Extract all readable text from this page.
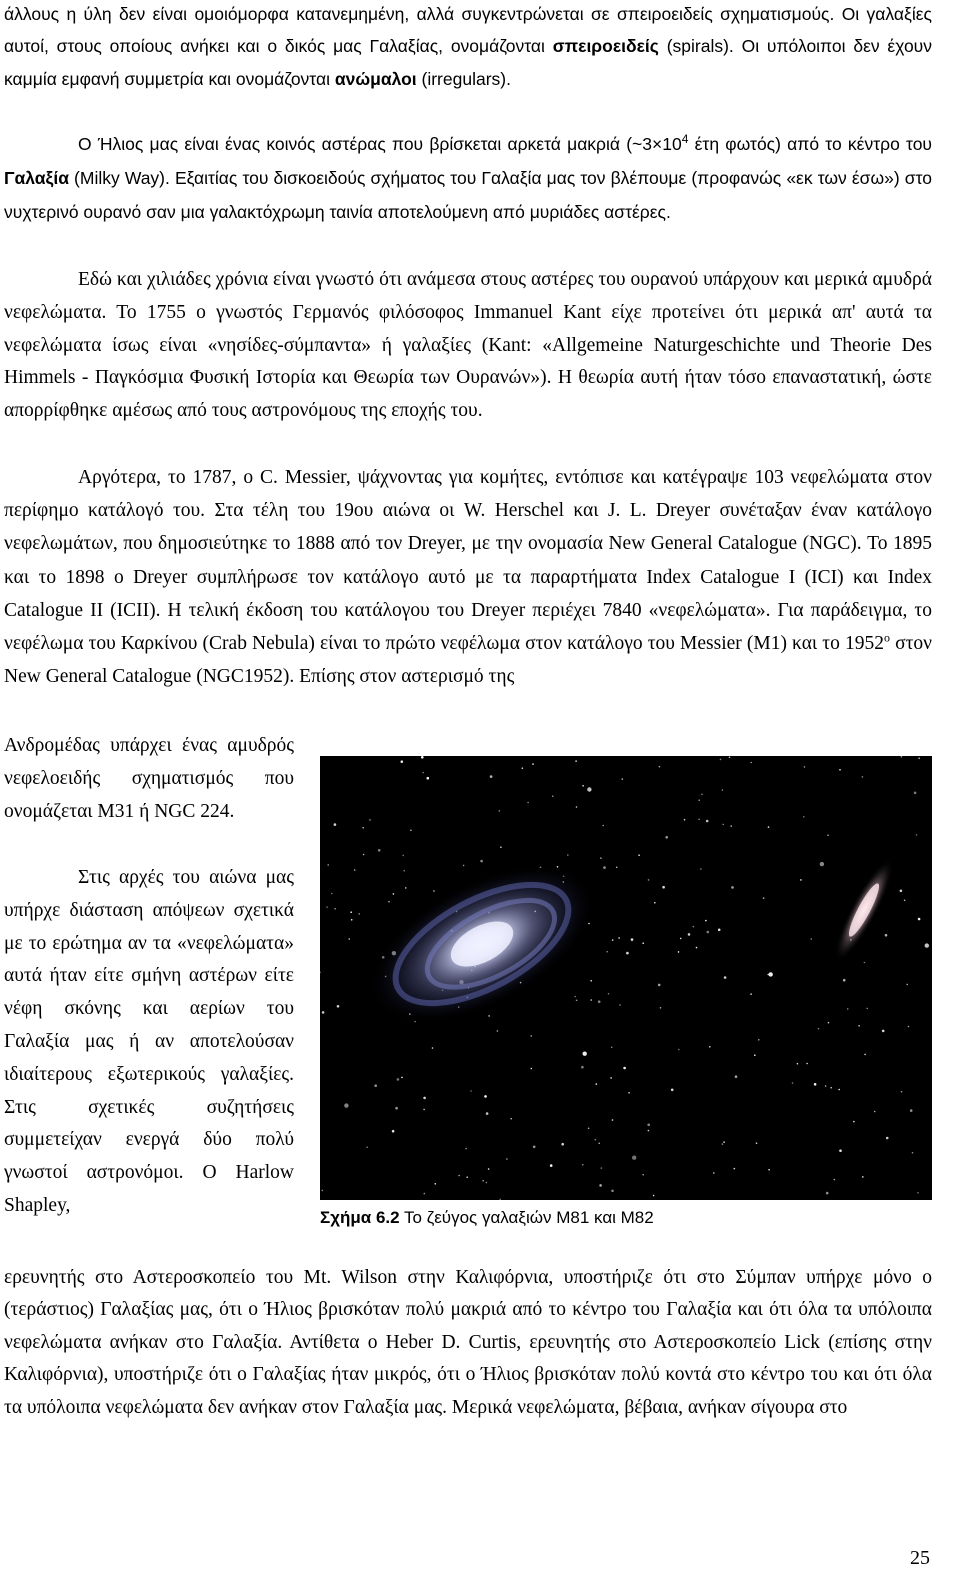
άλλους η ύλη δεν είναι ομοιόμορφα κατανεμημένη, αλλά συγκεντρώνεται σε σπειροειδείς σχηματισμούς. Οι γαλαξίες αυτοί, στους οποίους ανήκει και ο δικός μας Γαλαξίας, ονομάζονται σπειροειδείς (spirals). Οι υπόλοιποι δεν έχουν καμμία εμφανή συμμετρία και ονομάζονται ανώμαλοι (irregulars).
Ο Ήλιος μας είναι ένας κοινός αστέρας που βρίσκεται αρκετά μακριά ($\sim 3\times 10^4$ έτη φωτός) από το κέντρο του Γαλαξία (Milky Way). Εξαιτίας του δισκοειδούς σχήματος του Γαλαξία μας τον βλέπουμε (προφανώς «εκ των έσω») στο νυχτερινό ουρανό σαν μια γαλακτόχρωμη ταινία αποτελούμενη από μυριάδες αστέρες.
Εδώ και χιλιάδες χρόνια είναι γνωστό ότι ανάμεσα στους αστέρες του ουρανού υπάρχουν και μερικά αμυδρά νεφελώματα. Το 1755 ο γνωστός Γερμανός φιλόσοφος Immanuel Kant είχε προτείνει ότι μερικά απ' αυτά τα νεφελώματα ίσως είναι «νησίδες-σύμπαντα» ή γαλαξίες (Kant: «Allgemeine Naturgeschichte und Theorie Des Himmels - Παγκόσμια Φυσική Ιστορία και Θεωρία των Ουρανών»). Η θεωρία αυτή ήταν τόσο επαναστατική, ώστε απορρίφθηκε αμέσως από τους αστρονόμους της εποχής του.
Αργότερα, το 1787, ο C. Messier, ψάχνοντας για κομήτες, εντόπισε και κατέγραψε 103 νεφελώματα στον περίφημο κατάλογό του. Στα τέλη του 19ου αιώνα οι W. Herschel και J. L. Dreyer συνέταξαν έναν κατάλογο νεφελωμάτων, που δημοσιεύτηκε το 1888 από τον Dreyer, με την ονομασία New General Catalogue (NGC). Το 1895 και το 1898 ο Dreyer συμπλήρωσε τον κατάλογο αυτό με τα παραρτήματα Index Catalogue I (ICI) και Index Catalogue II (ICII). Η τελική έκδοση του κατάλογου του Dreyer περιέχει 7840 «νεφελώματα». Για παράδειγμα, το νεφέλωμα του Καρκίνου (Crab Nebula) είναι το πρώτο νεφέλωμα στον κατάλογο του Messier (M1) και το $1952^o$ στον New General Catalogue (NGC1952). Επίσης στον αστερισμό της
Ανδρομέδας υπάρχει ένας αμυδρός νεφελοειδής σχηματισμός που ονομάζεται Μ31 ή NGC 224.
Στις αρχές του αιώνα μας υπήρχε διάσταση απόψεων σχετικά με το ερώτημα αν τα «νεφελώματα» αυτά ήταν είτε σμήνη αστέρων είτε νέφη σκόνης και αερίων του Γαλαξία μας ή αν αποτελούσαν ιδιαίτερους εξωτερικούς γαλαξίες. Στις σχετικές συζητήσεις συμμετείχαν ενεργά δύο πολύ γνωστοί αστρονόμοι. Ο Harlow Shapley,
Σχήμα 6.2 Το ζεύγος γαλαξιών M81 και M82
ερευνητής στο Αστεροσκοπείο του Mt. Wilson στην Καλιφόρνια, υποστήριζε ότι στο Σύμπαν υπήρχε μόνο ο (τεράστιος) Γαλαξίας μας, ότι ο Ήλιος βρισκόταν πολύ μακριά από το κέντρο του Γαλαξία και ότι όλα τα υπόλοιπα νεφελώματα ανήκαν στο Γαλαξία. Αντίθετα ο Heber D. Curtis, ερευνητής στο Αστεροσκοπείο Lick (επίσης στην Καλιφόρνια), υποστήριζε ότι ο Γαλαξίας ήταν μικρός, ότι ο Ήλιος βρισκόταν πολύ κοντά στο κέντρο του και ότι όλα τα υπόλοιπα νεφελώματα δεν ανήκαν στον Γαλαξία μας. Μερικά νεφελώματα, βέβαια, ανήκαν σίγουρα στο
25
